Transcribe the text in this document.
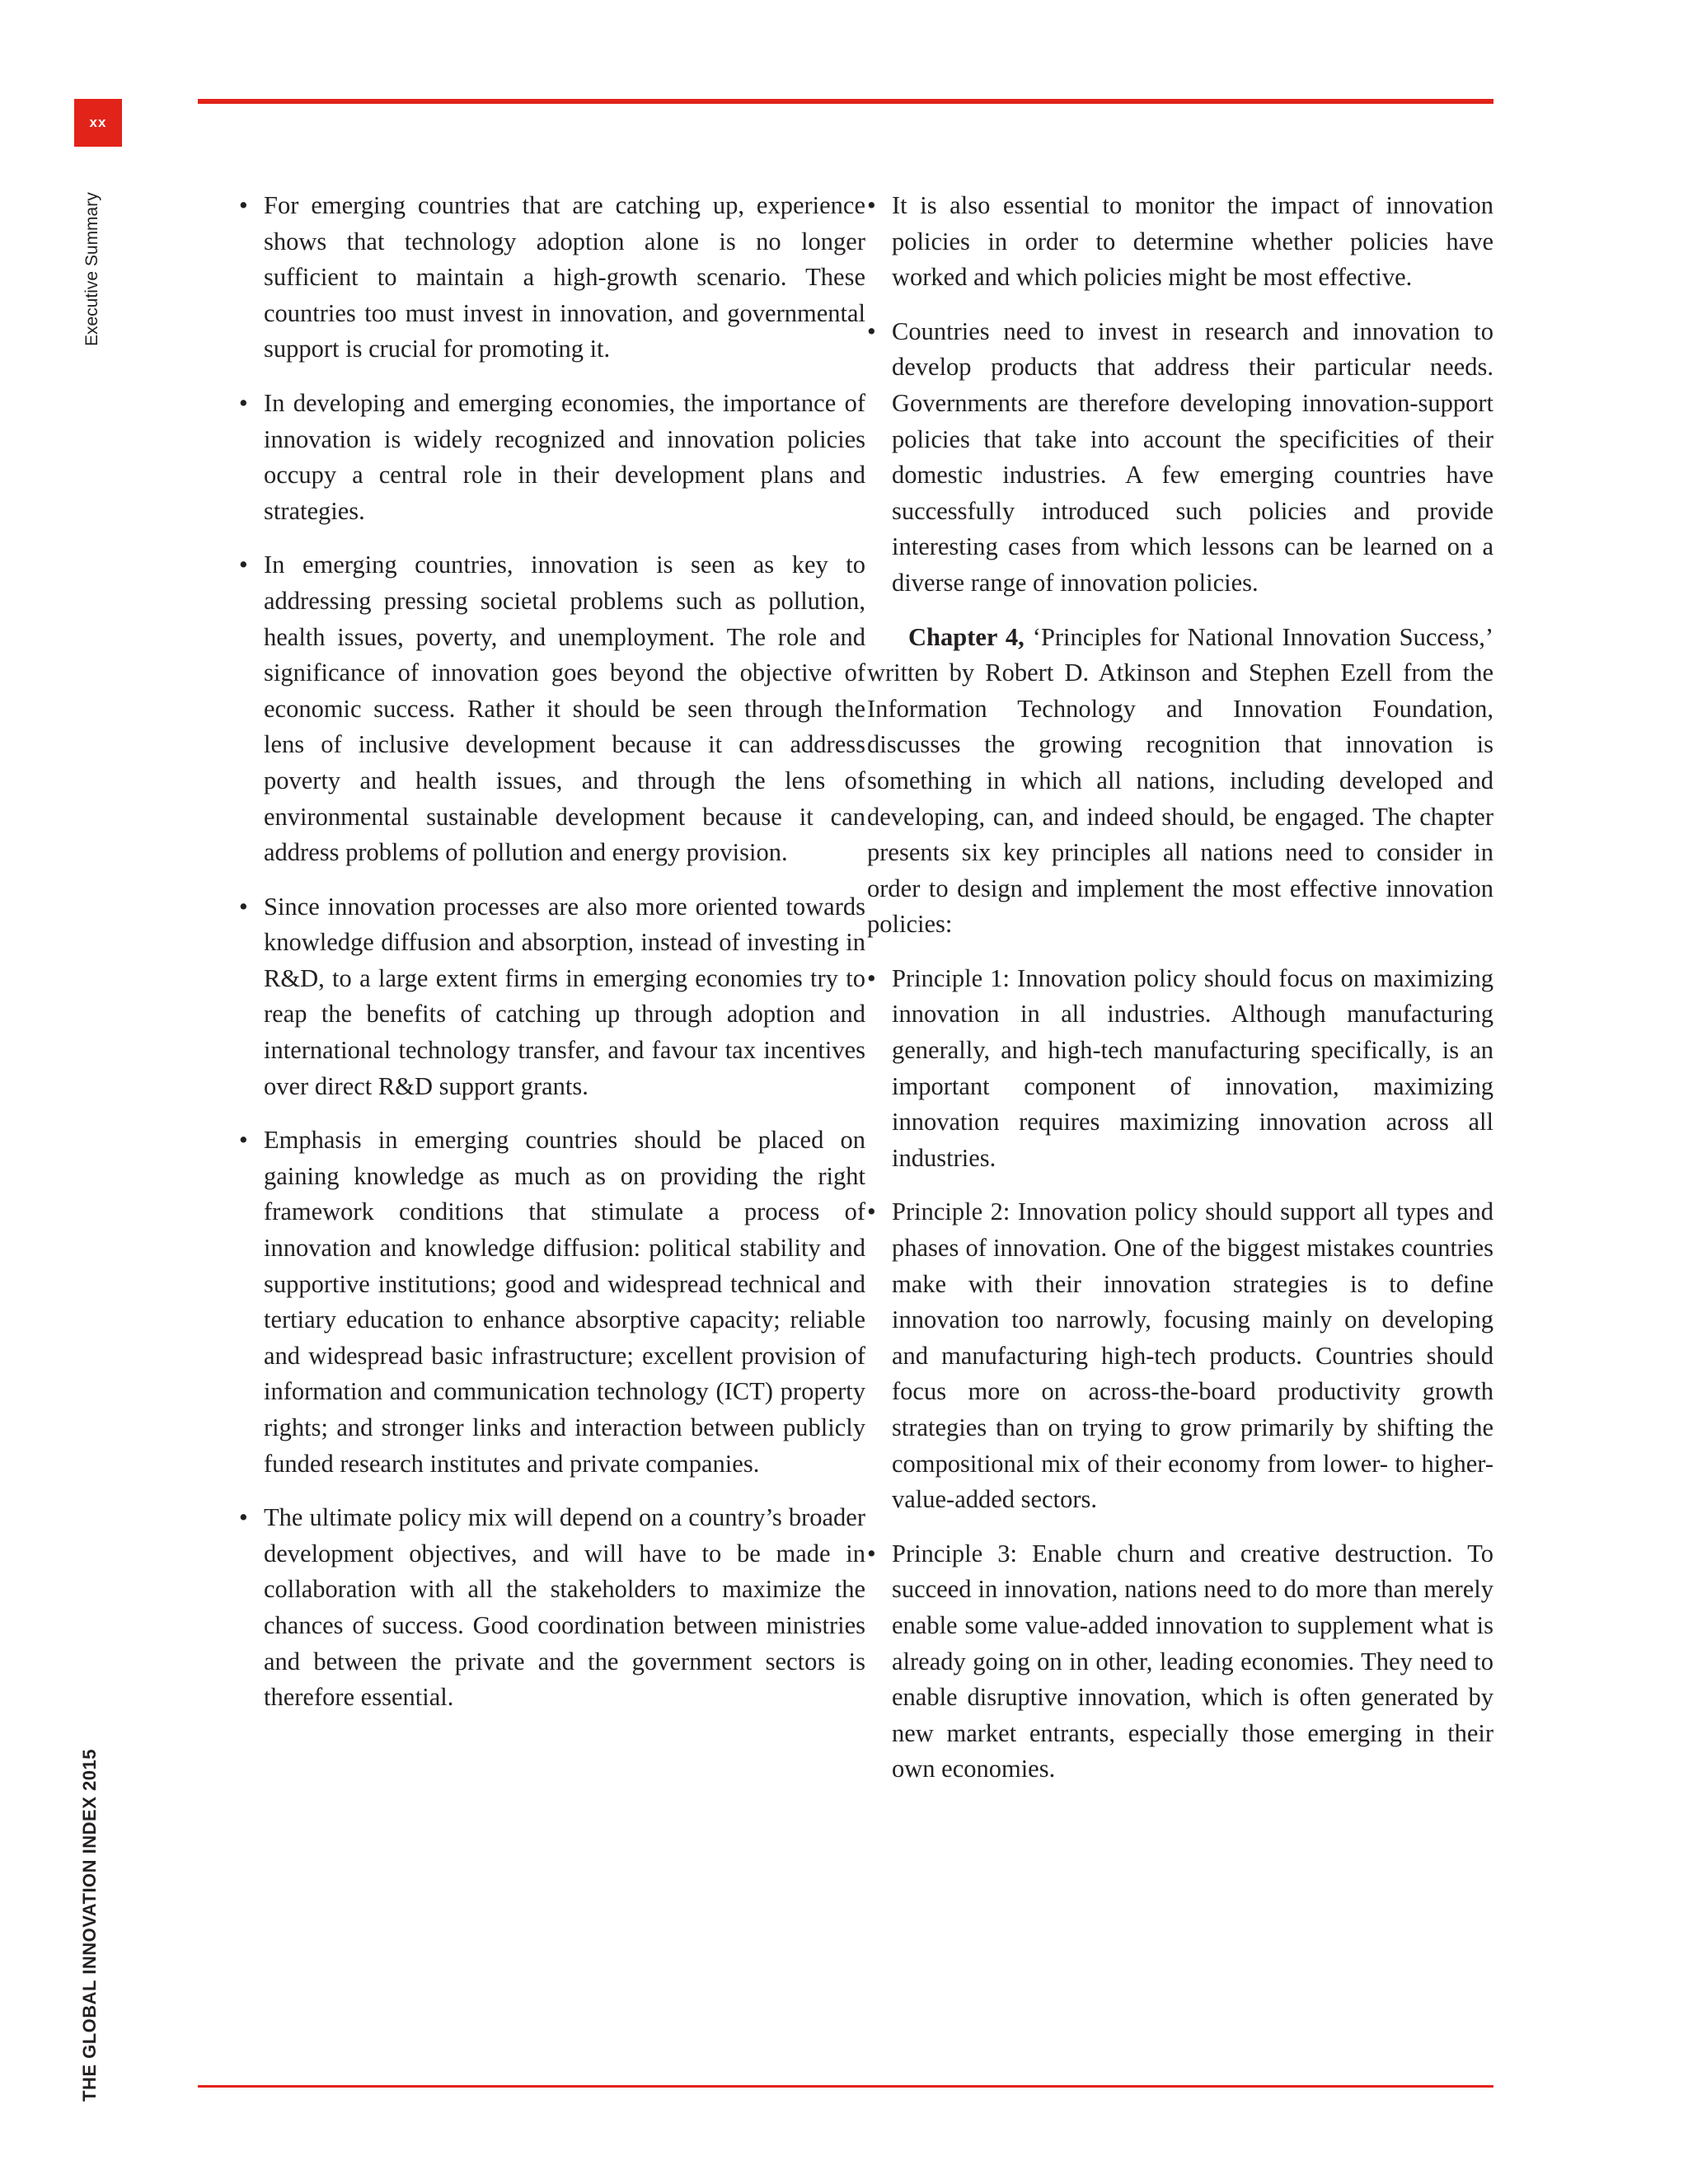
xx
Executive Summary
THE GLOBAL INNOVATION INDEX 2015
• For emerging countries that are catching up, experience shows that technology adoption alone is no longer sufficient to maintain a high-growth scenario. These countries too must invest in innovation, and governmental support is crucial for promoting it.
• In developing and emerging economies, the importance of innovation is widely recognized and innovation policies occupy a central role in their development plans and strategies.
• In emerging countries, innovation is seen as key to addressing pressing societal problems such as pollution, health issues, poverty, and unemployment. The role and significance of innovation goes beyond the objective of economic success. Rather it should be seen through the lens of inclusive development because it can address poverty and health issues, and through the lens of environmental sustainable development because it can address problems of pollution and energy provision.
• Since innovation processes are also more oriented towards knowledge diffusion and absorption, instead of investing in R&D, to a large extent firms in emerging economies try to reap the benefits of catching up through adoption and international technology transfer, and favour tax incentives over direct R&D support grants.
• Emphasis in emerging countries should be placed on gaining knowledge as much as on providing the right framework conditions that stimulate a process of innovation and knowledge diffusion: political stability and supportive institutions; good and widespread technical and tertiary education to enhance absorptive capacity; reliable and widespread basic infrastructure; excellent provision of information and communication technology (ICT) property rights; and stronger links and interaction between publicly funded research institutes and private companies.
• The ultimate policy mix will depend on a country’s broader development objectives, and will have to be made in collaboration with all the stakeholders to maximize the chances of success. Good coordination between ministries and between the private and the government sectors is therefore essential.
• It is also essential to monitor the impact of innovation policies in order to determine whether policies have worked and which policies might be most effective.
• Countries need to invest in research and innovation to develop products that address their particular needs. Governments are therefore developing innovation-support policies that take into account the specificities of their domestic industries. A few emerging countries have successfully introduced such policies and provide interesting cases from which lessons can be learned on a diverse range of innovation policies.

Chapter 4, ‘Principles for National Innovation Success,’ written by Robert D. Atkinson and Stephen Ezell from the Information Technology and Innovation Foundation, discusses the growing recognition that innovation is something in which all nations, including developed and developing, can, and indeed should, be engaged. The chapter presents six key principles all nations need to consider in order to design and implement the most effective innovation policies:

• Principle 1: Innovation policy should focus on maximizing innovation in all industries. Although manufacturing generally, and high-tech manufacturing specifically, is an important component of innovation, maximizing innovation requires maximizing innovation across all industries.
• Principle 2: Innovation policy should support all types and phases of innovation. One of the biggest mistakes countries make with their innovation strategies is to define innovation too narrowly, focusing mainly on developing and manufacturing high-tech products. Countries should focus more on across-the-board productivity growth strategies than on trying to grow primarily by shifting the compositional mix of their economy from lower- to higher-value-added sectors.
• Principle 3: Enable churn and creative destruction. To succeed in innovation, nations need to do more than merely enable some value-added innovation to supplement what is already going on in other, leading economies. They need to enable disruptive innovation, which is often generated by new market entrants, especially those emerging in their own economies.
